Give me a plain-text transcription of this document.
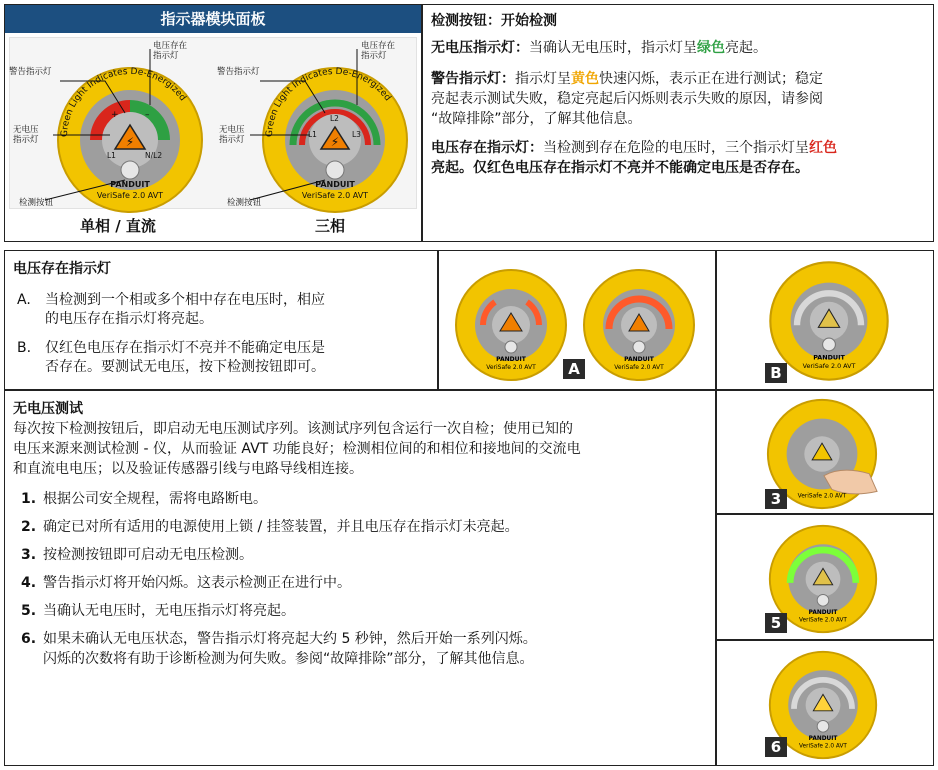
指示器模块面板
⚡
Green Light Indicates De-Energized
L1	N/L2
+	–
PANDUIT
VeriSafe 2.0 AVT
⚡
Green Light Indicates De-Energized
L1
L2
L3
PANDUIT
VeriSafe 2.0 AVT
电压存在
指示灯
警告指示灯
无电压
指示灯
检测按钮
电压存在
指示灯
警告指示灯
无电压
指示灯
检测按钮
单相 / 直流	三相
检测按钮：开始检测
无电压指示灯：当确认无电压时，指示灯呈绿色亮起。
警告指示灯：指示灯呈黄色快速闪烁，表示正在进行测试；稳定
亮起表示测试失败，稳定亮起后闪烁则表示失败的原因，请参阅
“故障排除”部分，了解其他信息。
电压存在指示灯：当检测到存在危险的电压时，三个指示灯呈红色
亮起。仅红色电压存在指示灯不亮并不能确定电压是否存在。
电压存在指示灯
A. 当检测到一个相或多个相中存在电压时，相应
的电压存在指示灯将亮起。
B. 仅红色电压存在指示灯不亮并不能确定电压是
否存在。要测试无电压，按下检测按钮即可。	PANDUIT
VeriSafe 2.0 AVT
PANDUIT
VeriSafe 2.0 AVT
A
PANDUIT
VeriSafe 2.0 AVT
B
无电压测试
每次按下检测按钮后，即启动无电压测试序列。该测试序列包含运行一次自检；使用已知的
电压来源来测试检测 - 仪，从而验证 AVT 功能良好；检测相位间的和相位和接地间的交流电
和直流电电压；以及验证传感器引线与电路导线相连接。
1. 根据公司安全规程，需将电路断电。
2. 确定已对所有适用的电源使用上锁 / 挂签装置，并且电压存在指示灯未亮起。
3. 按检测按钮即可启动无电压检测。
4. 警告指示灯将开始闪烁。这表示检测正在进行中。
5. 当确认无电压时，无电压指示灯将亮起。
6. 如果未确认无电压状态，警告指示灯将亮起大约 5 秒钟，然后开始一系列闪烁。
闪烁的次数将有助于诊断检测为何失败。参阅“故障排除”部分，了解其他信息。
VeriSafe 2.0 AVT
3
PANDUIT
VeriSafe 2.0 AVT
5
PANDUIT
VeriSafe 2.0 AVT
6
